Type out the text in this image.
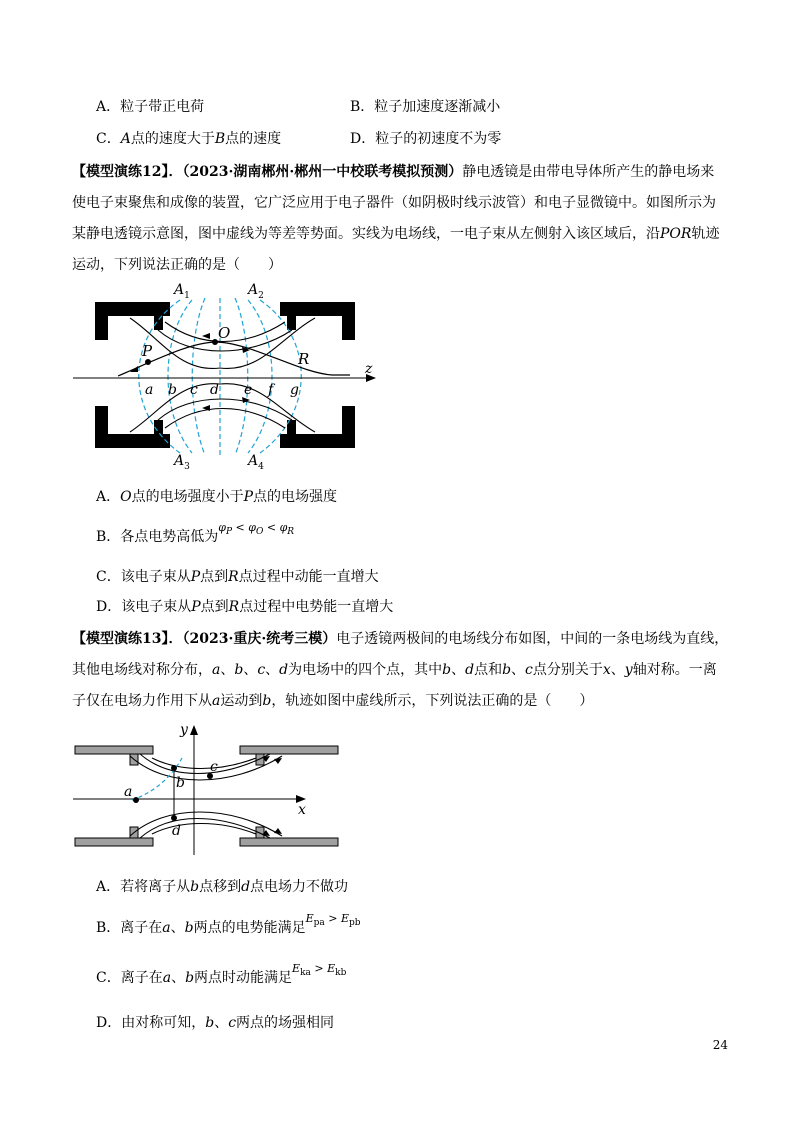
A．粒子带正电荷	B．粒子加速度逐渐减小
C．A点的速度大于B点的速度	D．粒子的初速度不为零
【模型演练12】．（2023·湖南郴州·郴州一中校联考模拟预测）静电透镜是由带电导体所产生的静电场来
使电子束聚焦和成像的装置，它广泛应用于电子器件（如阴极时线示波管）和电子显微镜中。如图所示为
某静电透镜示意图，图中虚线为等差等势面。实线为电场线，一电子束从左侧射入该区域后，沿POR轨迹
运动，下列说法正确的是（　　）
$A_1$	$A_2$
$A_3$	$A_4$
O
P	R
z
a b c d e f g
A．O点的电场强度小于P点的电场强度
B．各点电势高低为$^{\varphi_P < \varphi_O < \varphi_R}$
C．该电子束从P点到R点过程中动能一直增大
D．该电子束从P点到R点过程中电势能一直增大
【模型演练13】．（2023·重庆·统考三模）电子透镜两极间的电场线分布如图，中间的一条电场线为直线，
其他电场线对称分布，a、b、c、d为电场中的四个点，其中b、d点和b、c点分别关于x、y轴对称。一离
子仅在电场力作用下从a运动到b，轨迹如图中虚线所示，下列说法正确的是（　　）
y
x
a
b
c
d
A．若将离子从b点移到d点电场力不做功
B．离子在a、b两点的电势能满足$^{E_{pa} > E_{pb}}$
C．离子在a、b两点时动能满足$^{E_{ka} > E_{kb}}$
D．由对称可知，b、c两点的场强相同
24
